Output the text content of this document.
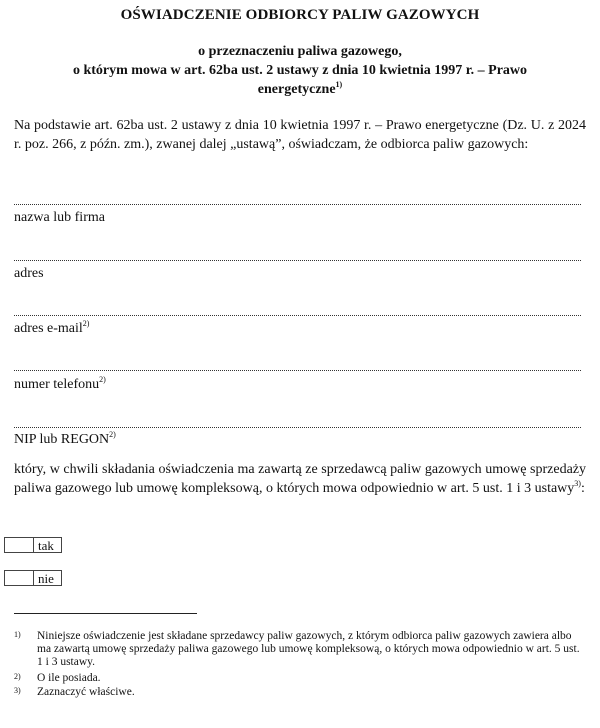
OŚWIADCZENIE ODBIORCY PALIW GAZOWYCH
o przeznaczeniu paliwa gazowego,
o którym mowa w art. 62ba ust. 2 ustawy z dnia 10 kwietnia 1997 r. – Prawo energetyczne$^{1)}$
Na podstawie art. 62ba ust. 2 ustawy z dnia 10 kwietnia 1997 r. – Prawo energetyczne (Dz. U. z 2024 r. poz. 266, z późn. zm.), zwanej dalej „ustawą”, oświadczam, że odbiorca paliw gazowych:
nazwa lub firma
adres
adres e-mail$^{2)}$
numer telefonu$^{2)}$
NIP lub REGON$^{2)}$
który, w chwili składania oświadczenia ma zawartą ze sprzedawcą paliw gazowych umowę sprzedaży paliwa gazowego lub umowę kompleksową, o których mowa odpowiednio w art. 5 ust. 1 i 3 ustawy$^{3)}$:
tak
nie
1) Niniejsze oświadczenie jest składane sprzedawcy paliw gazowych, z którym odbiorca paliw gazowych zawiera albo ma zawartą umowę sprzedaży paliwa gazowego lub umowę kompleksową, o których mowa odpowiednio w art. 5 ust. 1 i 3 ustawy.
2) O ile posiada.
3) Zaznaczyć właściwe.
